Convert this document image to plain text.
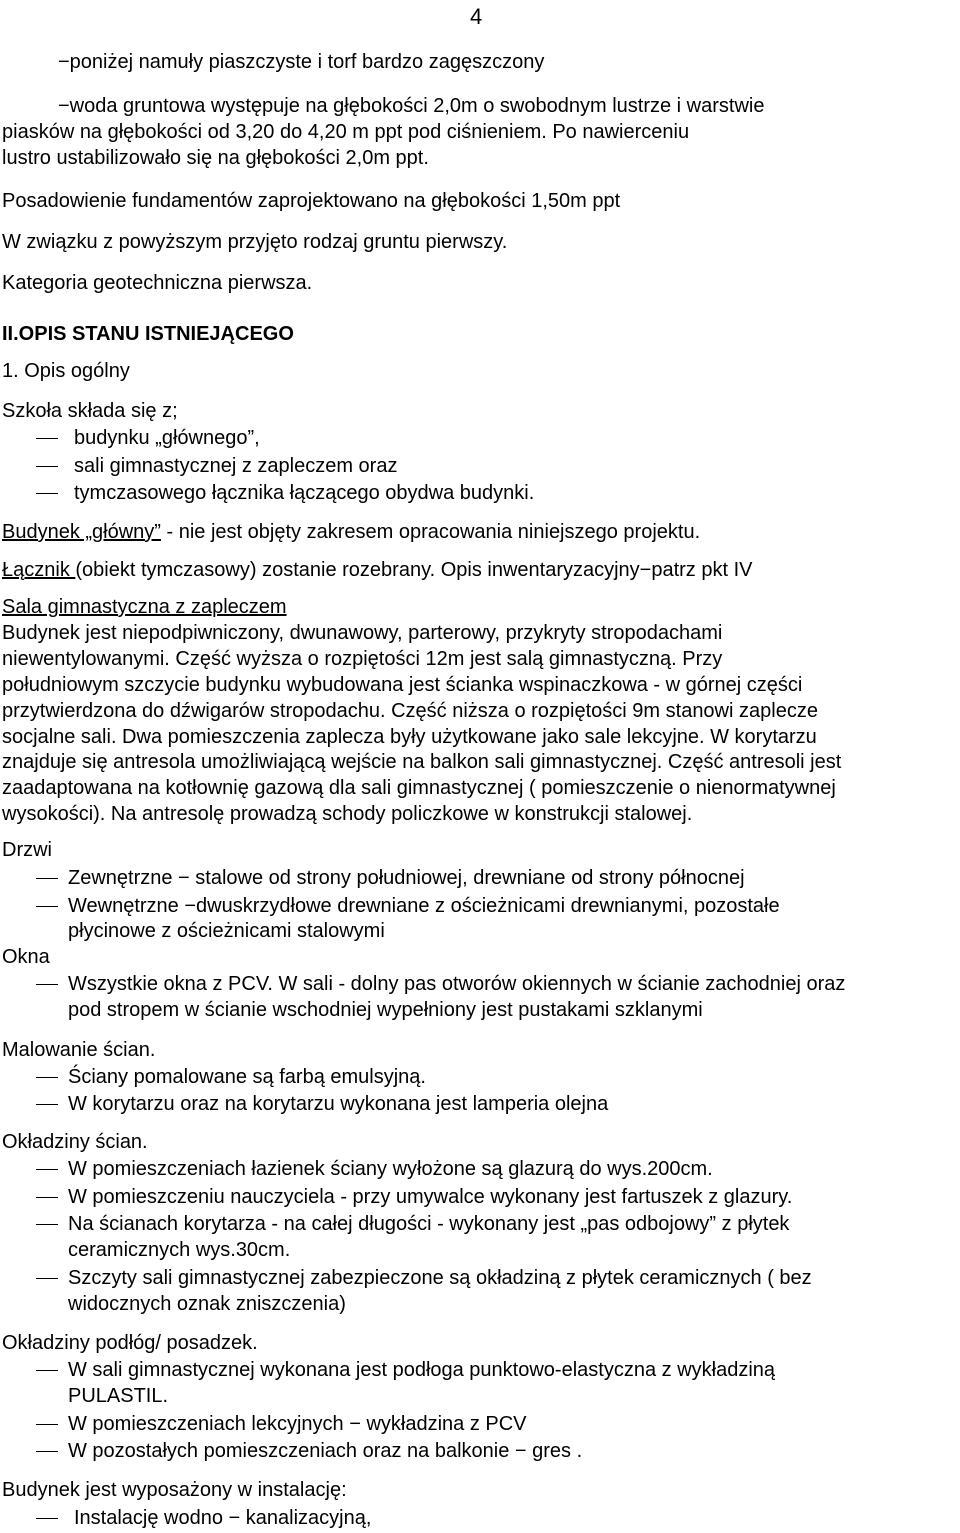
4
−poniżej namuły piaszczyste i torf bardzo zagęszczony
−woda gruntowa występuje na głębokości 2,0m o swobodnym lustrze i warstwie
piasków na głębokości od 3,20 do 4,20 m ppt pod ciśnieniem. Po nawierceniu
lustro ustabilizowało się na głębokości 2,0m ppt.
Posadowienie fundamentów zaprojektowano na głębokości 1,50m ppt
W związku z powyższym przyjęto rodzaj gruntu pierwszy.
Kategoria geotechniczna pierwsza.
II.OPIS STANU ISTNIEJĄCEGO
1. Opis ogólny
Szkoła składa się z;
budynku „głównego”,
sali gimnastycznej z zapleczem oraz
tymczasowego łącznika łączącego obydwa budynki.
Budynek „główny” - nie jest objęty zakresem opracowania niniejszego projektu.
Łącznik (obiekt tymczasowy) zostanie rozebrany. Opis inwentaryzacyjny−patrz pkt IV
Sala gimnastyczna z zapleczem
Budynek jest niepodpiwniczony, dwunawowy, parterowy, przykryty stropodachami
niewentylowanymi. Część wyższa o rozpiętości 12m jest salą gimnastyczną. Przy
południowym szczycie budynku wybudowana jest ścianka wspinaczkowa - w górnej części
przytwierdzona do dźwigarów stropodachu. Część niższa o rozpiętości 9m stanowi zaplecze
socjalne sali. Dwa pomieszczenia zaplecza były użytkowane jako sale lekcyjne. W korytarzu
znajduje się antresola umożliwiającą wejście na balkon sali gimnastycznej. Część antresoli jest
zaadaptowana na kotłownię gazową dla sali gimnastycznej ( pomieszczenie o nienormatywnej
wysokości). Na antresolę prowadzą schody policzkowe w konstrukcji stalowej.
Drzwi
Zewnętrzne − stalowe od strony południowej, drewniane od strony północnej
Wewnętrzne −dwuskrzydłowe drewniane z ościeżnicami drewnianymi, pozostałe
płycinowe z ościeżnicami stalowymi
Okna
Wszystkie okna z PCV. W sali - dolny pas otworów okiennych w ścianie zachodniej oraz
pod stropem w ścianie wschodniej wypełniony jest pustakami szklanymi
Malowanie ścian.
Ściany pomalowane są farbą emulsyjną.
W korytarzu oraz na korytarzu wykonana jest lamperia olejna
Okładziny ścian.
W pomieszczeniach łazienek ściany wyłożone są glazurą do wys.200cm.
W pomieszczeniu nauczyciela - przy umywalce wykonany jest fartuszek z glazury.
Na ścianach korytarza - na całej długości - wykonany jest „pas odbojowy” z płytek
ceramicznych wys.30cm.
Szczyty sali gimnastycznej zabezpieczone są okładziną z płytek ceramicznych ( bez
widocznych oznak zniszczenia)
Okładziny podłóg/ posadzek.
W sali gimnastycznej wykonana jest podłoga punktowo-elastyczna z wykładziną
PULASTIL.
W pomieszczeniach lekcyjnych − wykładzina z PCV
W pozostałych pomieszczeniach oraz na balkonie − gres .
Budynek jest wyposażony w instalację:
Instalację wodno − kanalizacyjną,
